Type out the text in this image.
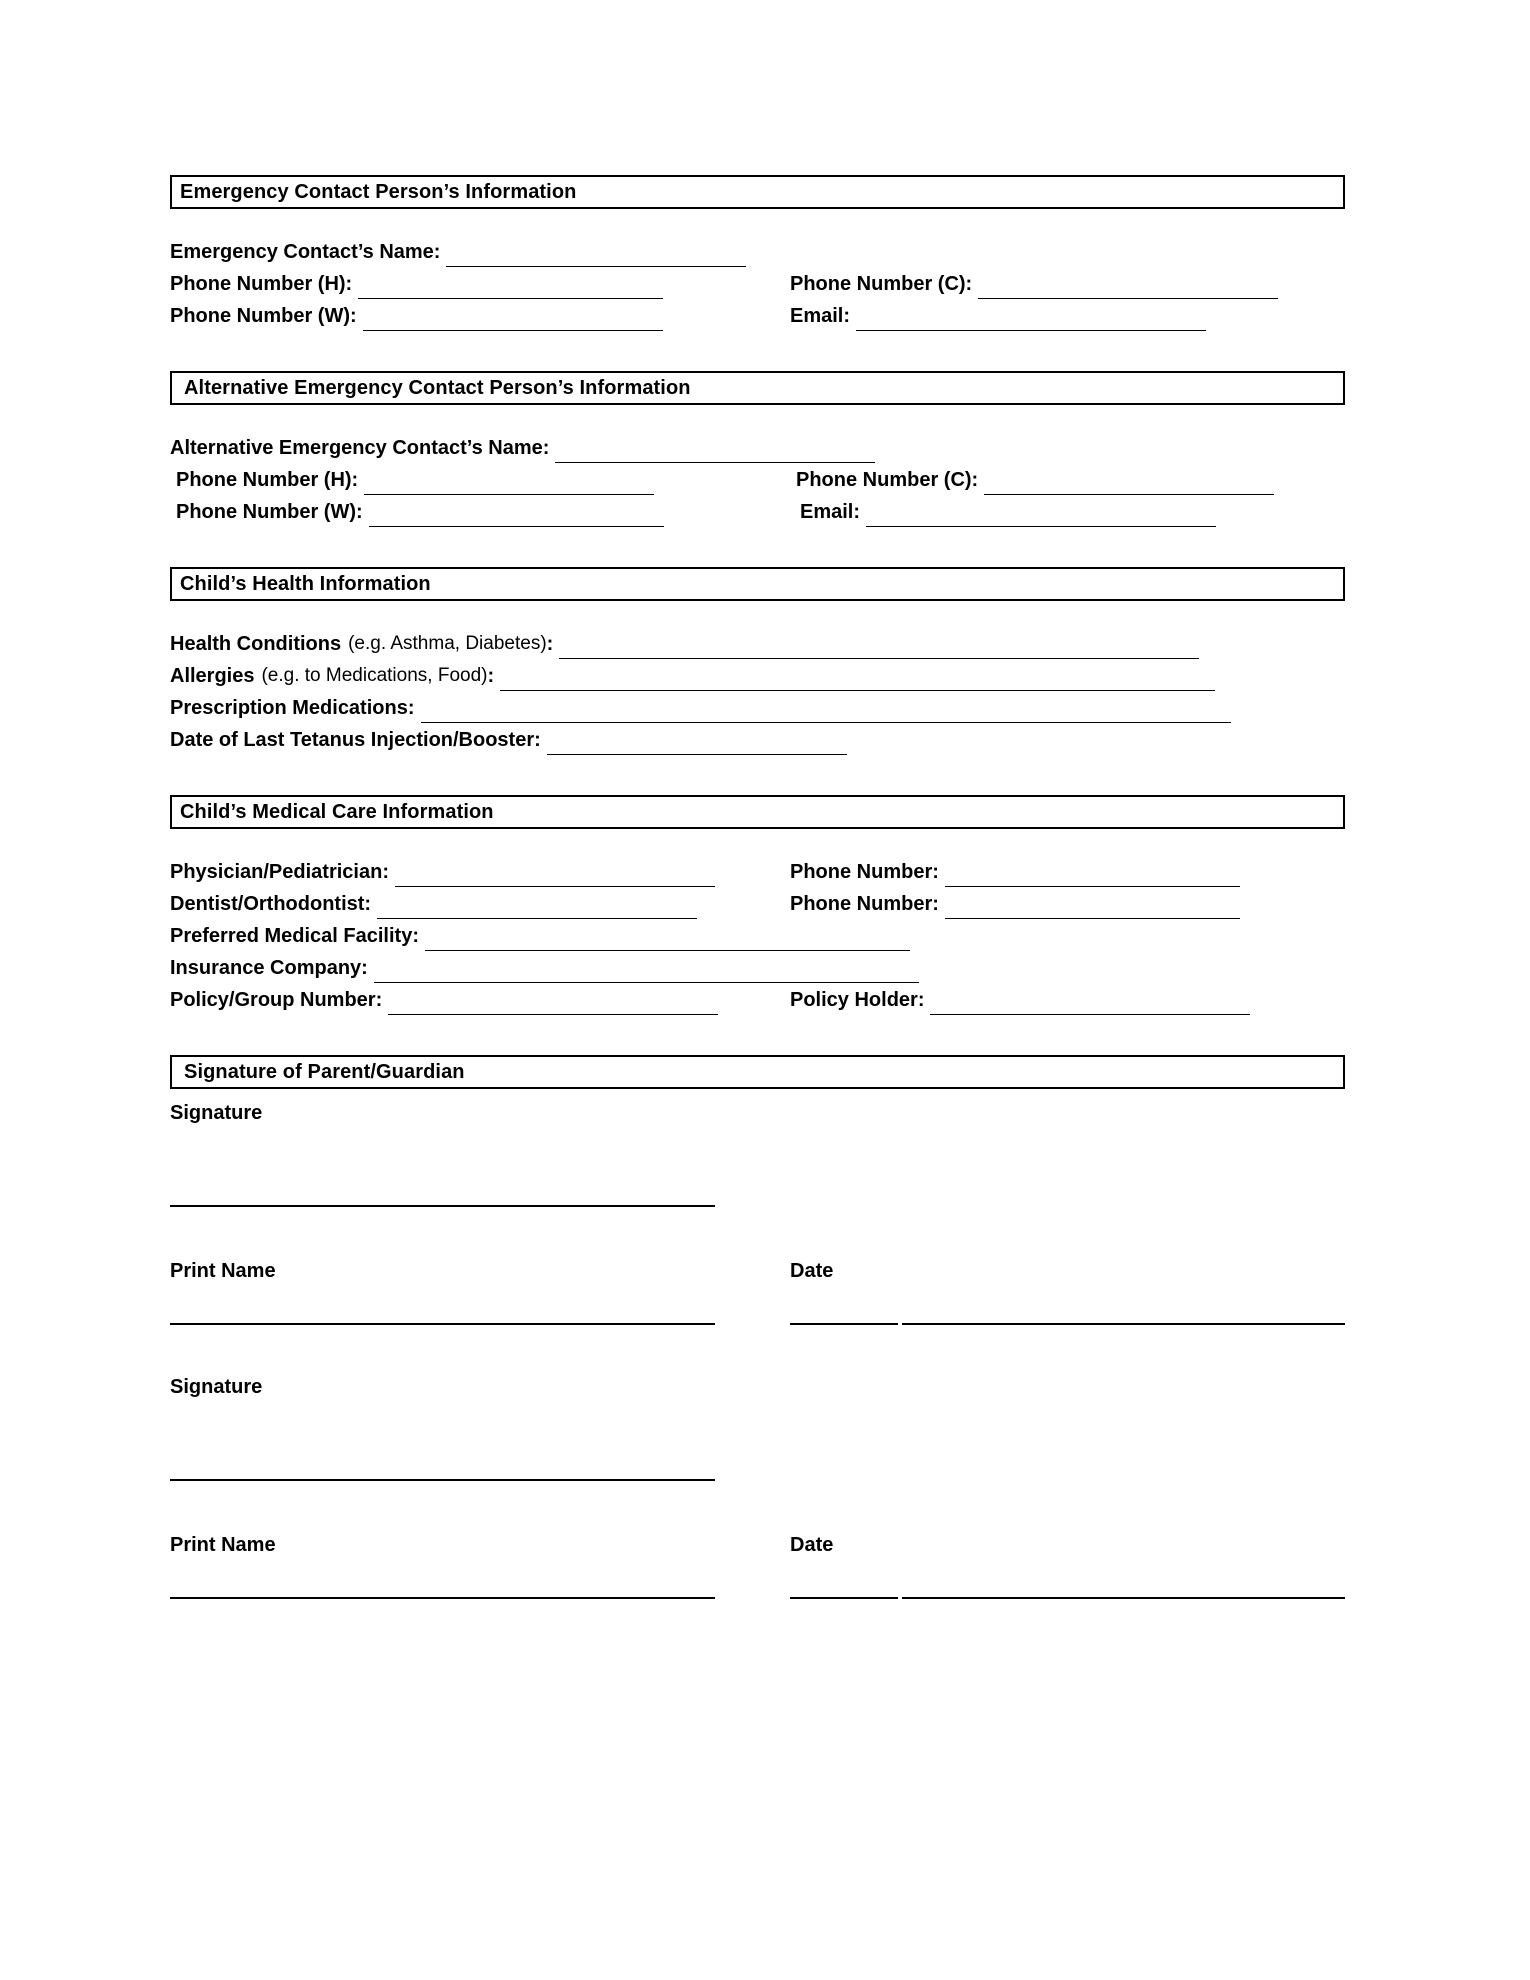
Emergency Contact Person’s Information
Emergency Contact’s Name:
Phone Number (H):	Phone Number (C):
Phone Number (W):	Email:
Alternative Emergency Contact Person’s Information
Alternative Emergency Contact’s Name:
Phone Number (H):	Phone Number (C):
Phone Number (W):	Email:
Child’s Health Information
Health Conditions (e.g. Asthma, Diabetes) :
Allergies (e.g. to Medications, Food) :
Prescription Medications:
Date of Last Tetanus Injection/Booster:
Child’s Medical Care Information
Physician/Pediatrician:	Phone Number:
Dentist/Orthodontist:	Phone Number:
Preferred Medical Facility:
Insurance Company:
Policy/Group Number:	Policy Holder:
Signature of Parent/Guardian
Signature
Print Name	Date
Signature
Print Name	Date
